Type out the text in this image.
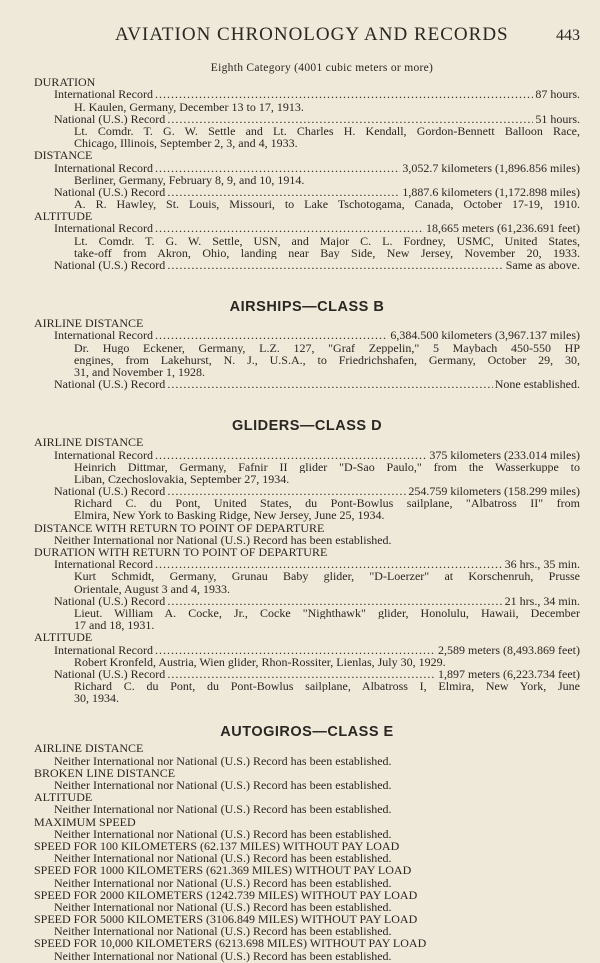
AVIATION CHRONOLOGY AND RECORDS	443
Eighth Category (4001 cubic meters or more)
DURATION
International Record .....	87 hours.
H. Kaulen, Germany, December 13 to 17, 1913.
National (U.S.) Record .....	51 hours.
Lt. Comdr. T. G. W. Settle and Lt. Charles H. Kendall, Gordon-Bennett Balloon Race,
Chicago, Illinois, September 2, 3, and 4, 1933.
DISTANCE
International Record .....	3,052.7 kilometers (1,896.856 miles)
Berliner, Germany, February 8, 9, and 10, 1914.
National (U.S.) Record .....	1,887.6 kilometers (1,172.898 miles)
A. R. Hawley, St. Louis, Missouri, to Lake Tschotogama, Canada, October 17-19, 1910.
ALTITUDE
International Record .....	18,665 meters (61,236.691 feet)
Lt. Comdr. T. G. W. Settle, USN, and Major C. L. Fordney, USMC, United States,
take-off from Akron, Ohio, landing near Bay Side, New Jersey, November 20, 1933.
National (U.S.) Record .....	Same as above.
AIRSHIPS—CLASS B
AIRLINE DISTANCE
International Record .....	6,384.500 kilometers (3,967.137 miles)
Dr. Hugo Eckener, Germany, L.Z. 127, "Graf Zeppelin," 5 Maybach 450-550 HP
engines, from Lakehurst, N. J., U.S.A., to Friedrichshafen, Germany, October 29, 30,
31, and November 1, 1928.
National (U.S.) Record .....	None established.
GLIDERS—CLASS D
AIRLINE DISTANCE
International Record .....	375 kilometers (233.014 miles)
Heinrich Dittmar, Germany, Fafnir II glider "D-Sao Paulo," from the Wasserkuppe to
Liban, Czechoslovakia, September 27, 1934.
National (U.S.) Record .....	254.759 kilometers (158.299 miles)
Richard C. du Pont, United States, du Pont-Bowlus sailplane, "Albatross II" from
Elmira, New York to Basking Ridge, New Jersey, June 25, 1934.
DISTANCE WITH RETURN TO POINT OF DEPARTURE
Neither International nor National (U.S.) Record has been established.
DURATION WITH RETURN TO POINT OF DEPARTURE
International Record .....	36 hrs., 35 min.
Kurt Schmidt, Germany, Grunau Baby glider, "D-Loerzer" at Korschenruh, Prusse
Orientale, August 3 and 4, 1933.
National (U.S.) Record .....	21 hrs., 34 min.
Lieut. William A. Cocke, Jr., Cocke "Nighthawk" glider, Honolulu, Hawaii, December
17 and 18, 1931.
ALTITUDE
International Record .....	2,589 meters (8,493.869 feet)
Robert Kronfeld, Austria, Wien glider, Rhon-Rossiter, Lienlas, July 30, 1929.
National (U.S.) Record .....	1,897 meters (6,223.734 feet)
Richard C. du Pont, du Pont-Bowlus sailplane, Albatross I, Elmira, New York, June
30, 1934.
AUTOGIROS—CLASS E
AIRLINE DISTANCE
Neither International nor National (U.S.) Record has been established.
BROKEN LINE DISTANCE
Neither International nor National (U.S.) Record has been established.
ALTITUDE
Neither International nor National (U.S.) Record has been established.
MAXIMUM SPEED
Neither International nor National (U.S.) Record has been established.
SPEED FOR 100 KILOMETERS (62.137 MILES) WITHOUT PAY LOAD
Neither International nor National (U.S.) Record has been established.
SPEED FOR 1000 KILOMETERS (621.369 MILES) WITHOUT PAY LOAD
Neither International nor National (U.S.) Record has been established.
SPEED FOR 2000 KILOMETERS (1242.739 MILES) WITHOUT PAY LOAD
Neither International nor National (U.S.) Record has been established.
SPEED FOR 5000 KILOMETERS (3106.849 MILES) WITHOUT PAY LOAD
Neither International nor National (U.S.) Record has been established.
SPEED FOR 10,000 KILOMETERS (6213.698 MILES) WITHOUT PAY LOAD
Neither International nor National (U.S.) Record has been established.
